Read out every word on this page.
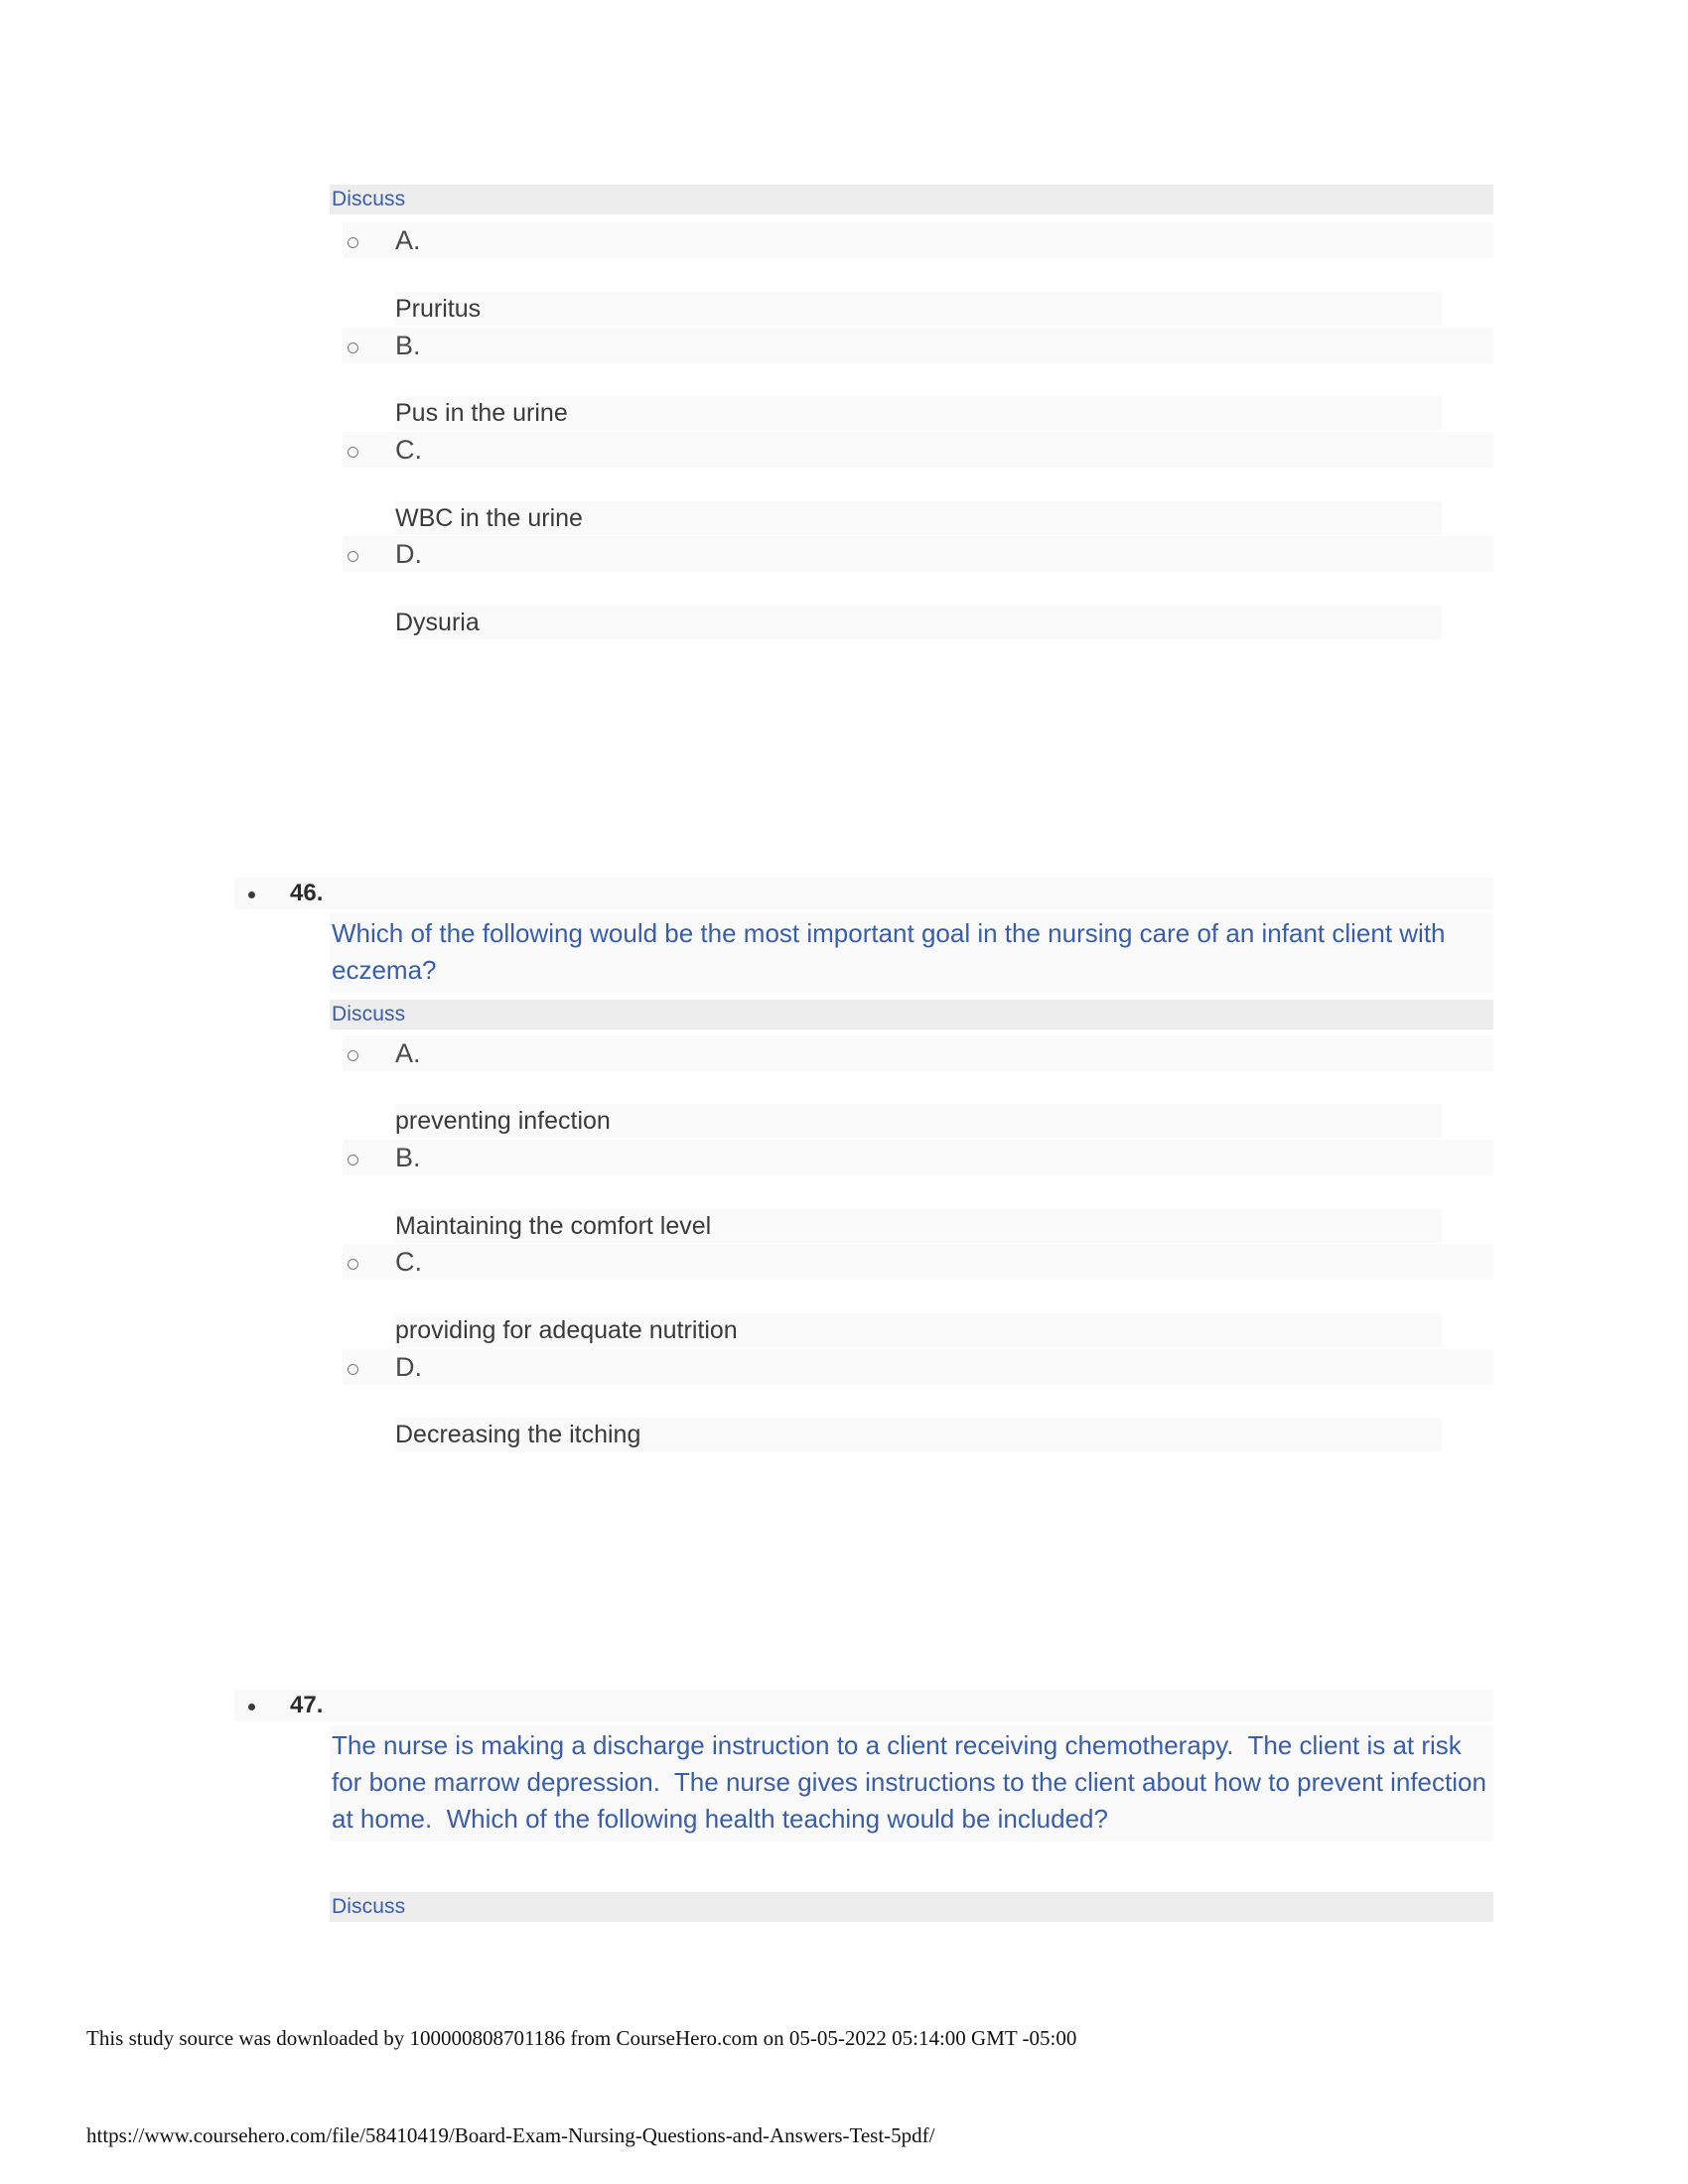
Discuss
A.
Pruritus
B.
Pus in the urine
C.
WBC in the urine
D.
Dysuria
46.
Which of the following would be the most important goal in the nursing care of an infant client with eczema?
Discuss
A.
preventing infection
B.
Maintaining the comfort level
C.
providing for adequate nutrition
D.
Decreasing the itching
47.
The nurse is making a discharge instruction to a client receiving chemotherapy.  The client is at risk for bone marrow depression.  The nurse gives instructions to the client about how to prevent infection at home.  Which of the following health teaching would be included?
Discuss
This study source was downloaded by 100000808701186 from CourseHero.com on 05-05-2022 05:14:00 GMT -05:00
https://www.coursehero.com/file/58410419/Board-Exam-Nursing-Questions-and-Answers-Test-5pdf/
